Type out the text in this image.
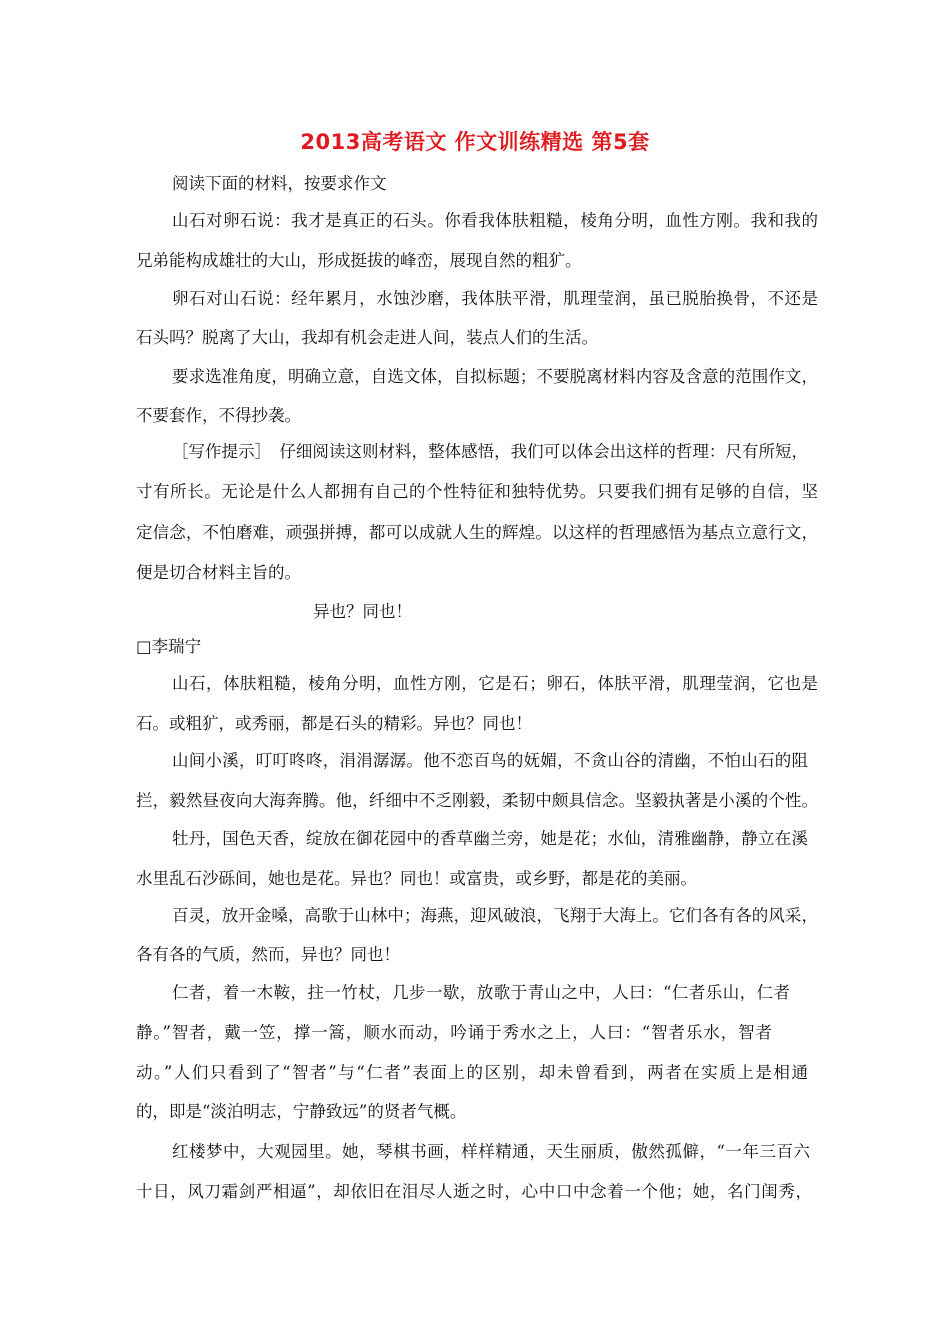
2013高考语文 作文训练精选 第5套
阅读下面的材料，按要求作文
山石对卵石说：我才是真正的石头。你看我体肤粗糙，棱角分明，血性方刚。我和我的
兄弟能构成雄壮的大山，形成挺拔的峰峦，展现自然的粗犷。
卵石对山石说：经年累月，水蚀沙磨，我体肤平滑，肌理莹润，虽已脱胎换骨，不还是
石头吗？脱离了大山，我却有机会走进人间，装点人们的生活。
要求选准角度，明确立意，自选文体，自拟标题；不要脱离材料内容及含意的范围作文，
不要套作，不得抄袭。
［写作提示］　仔细阅读这则材料，整体感悟，我们可以体会出这样的哲理：尺有所短，
寸有所长。无论是什么人都拥有自己的个性特征和独特优势。只要我们拥有足够的自信，坚
定信念，不怕磨难，顽强拼搏，都可以成就人生的辉煌。以这样的哲理感悟为基点立意行文，
便是切合材料主旨的。
异也？同也！
□李瑞宁
山石，体肤粗糙，棱角分明，血性方刚，它是石；卵石，体肤平滑，肌理莹润，它也是
石。或粗犷，或秀丽，都是石头的精彩。异也？同也！
山间小溪，叮叮咚咚，涓涓潺潺。他不恋百鸟的妩媚，不贪山谷的清幽，不怕山石的阻
拦，毅然昼夜向大海奔腾。他，纤细中不乏刚毅，柔韧中颇具信念。坚毅执著是小溪的个性。
牡丹，国色天香，绽放在御花园中的香草幽兰旁，她是花；水仙，清雅幽静，静立在溪
水里乱石沙砾间，她也是花。异也？同也！或富贵，或乡野，都是花的美丽。
百灵，放开金嗓，高歌于山林中；海燕，迎风破浪，飞翔于大海上。它们各有各的风采，
各有各的气质，然而，异也？同也！
仁者，着一木鞍，拄一竹杖，几步一歇，放歌于青山之中，人曰：“仁者乐山，仁者
静。”智者，戴一笠，撑一篙，顺水而动，吟诵于秀水之上，人曰：“智者乐水，智者
动。”人们只看到了“智者”与“仁者”表面上的区别，却未曾看到，两者在实质上是相通
的，即是“淡泊明志，宁静致远”的贤者气概。
红楼梦中，大观园里。她，琴棋书画，样样精通，天生丽质，傲然孤僻，“一年三百六
十日，风刀霜剑严相逼”，却依旧在泪尽人逝之时，心中口中念着一个他；她，名门闺秀，
